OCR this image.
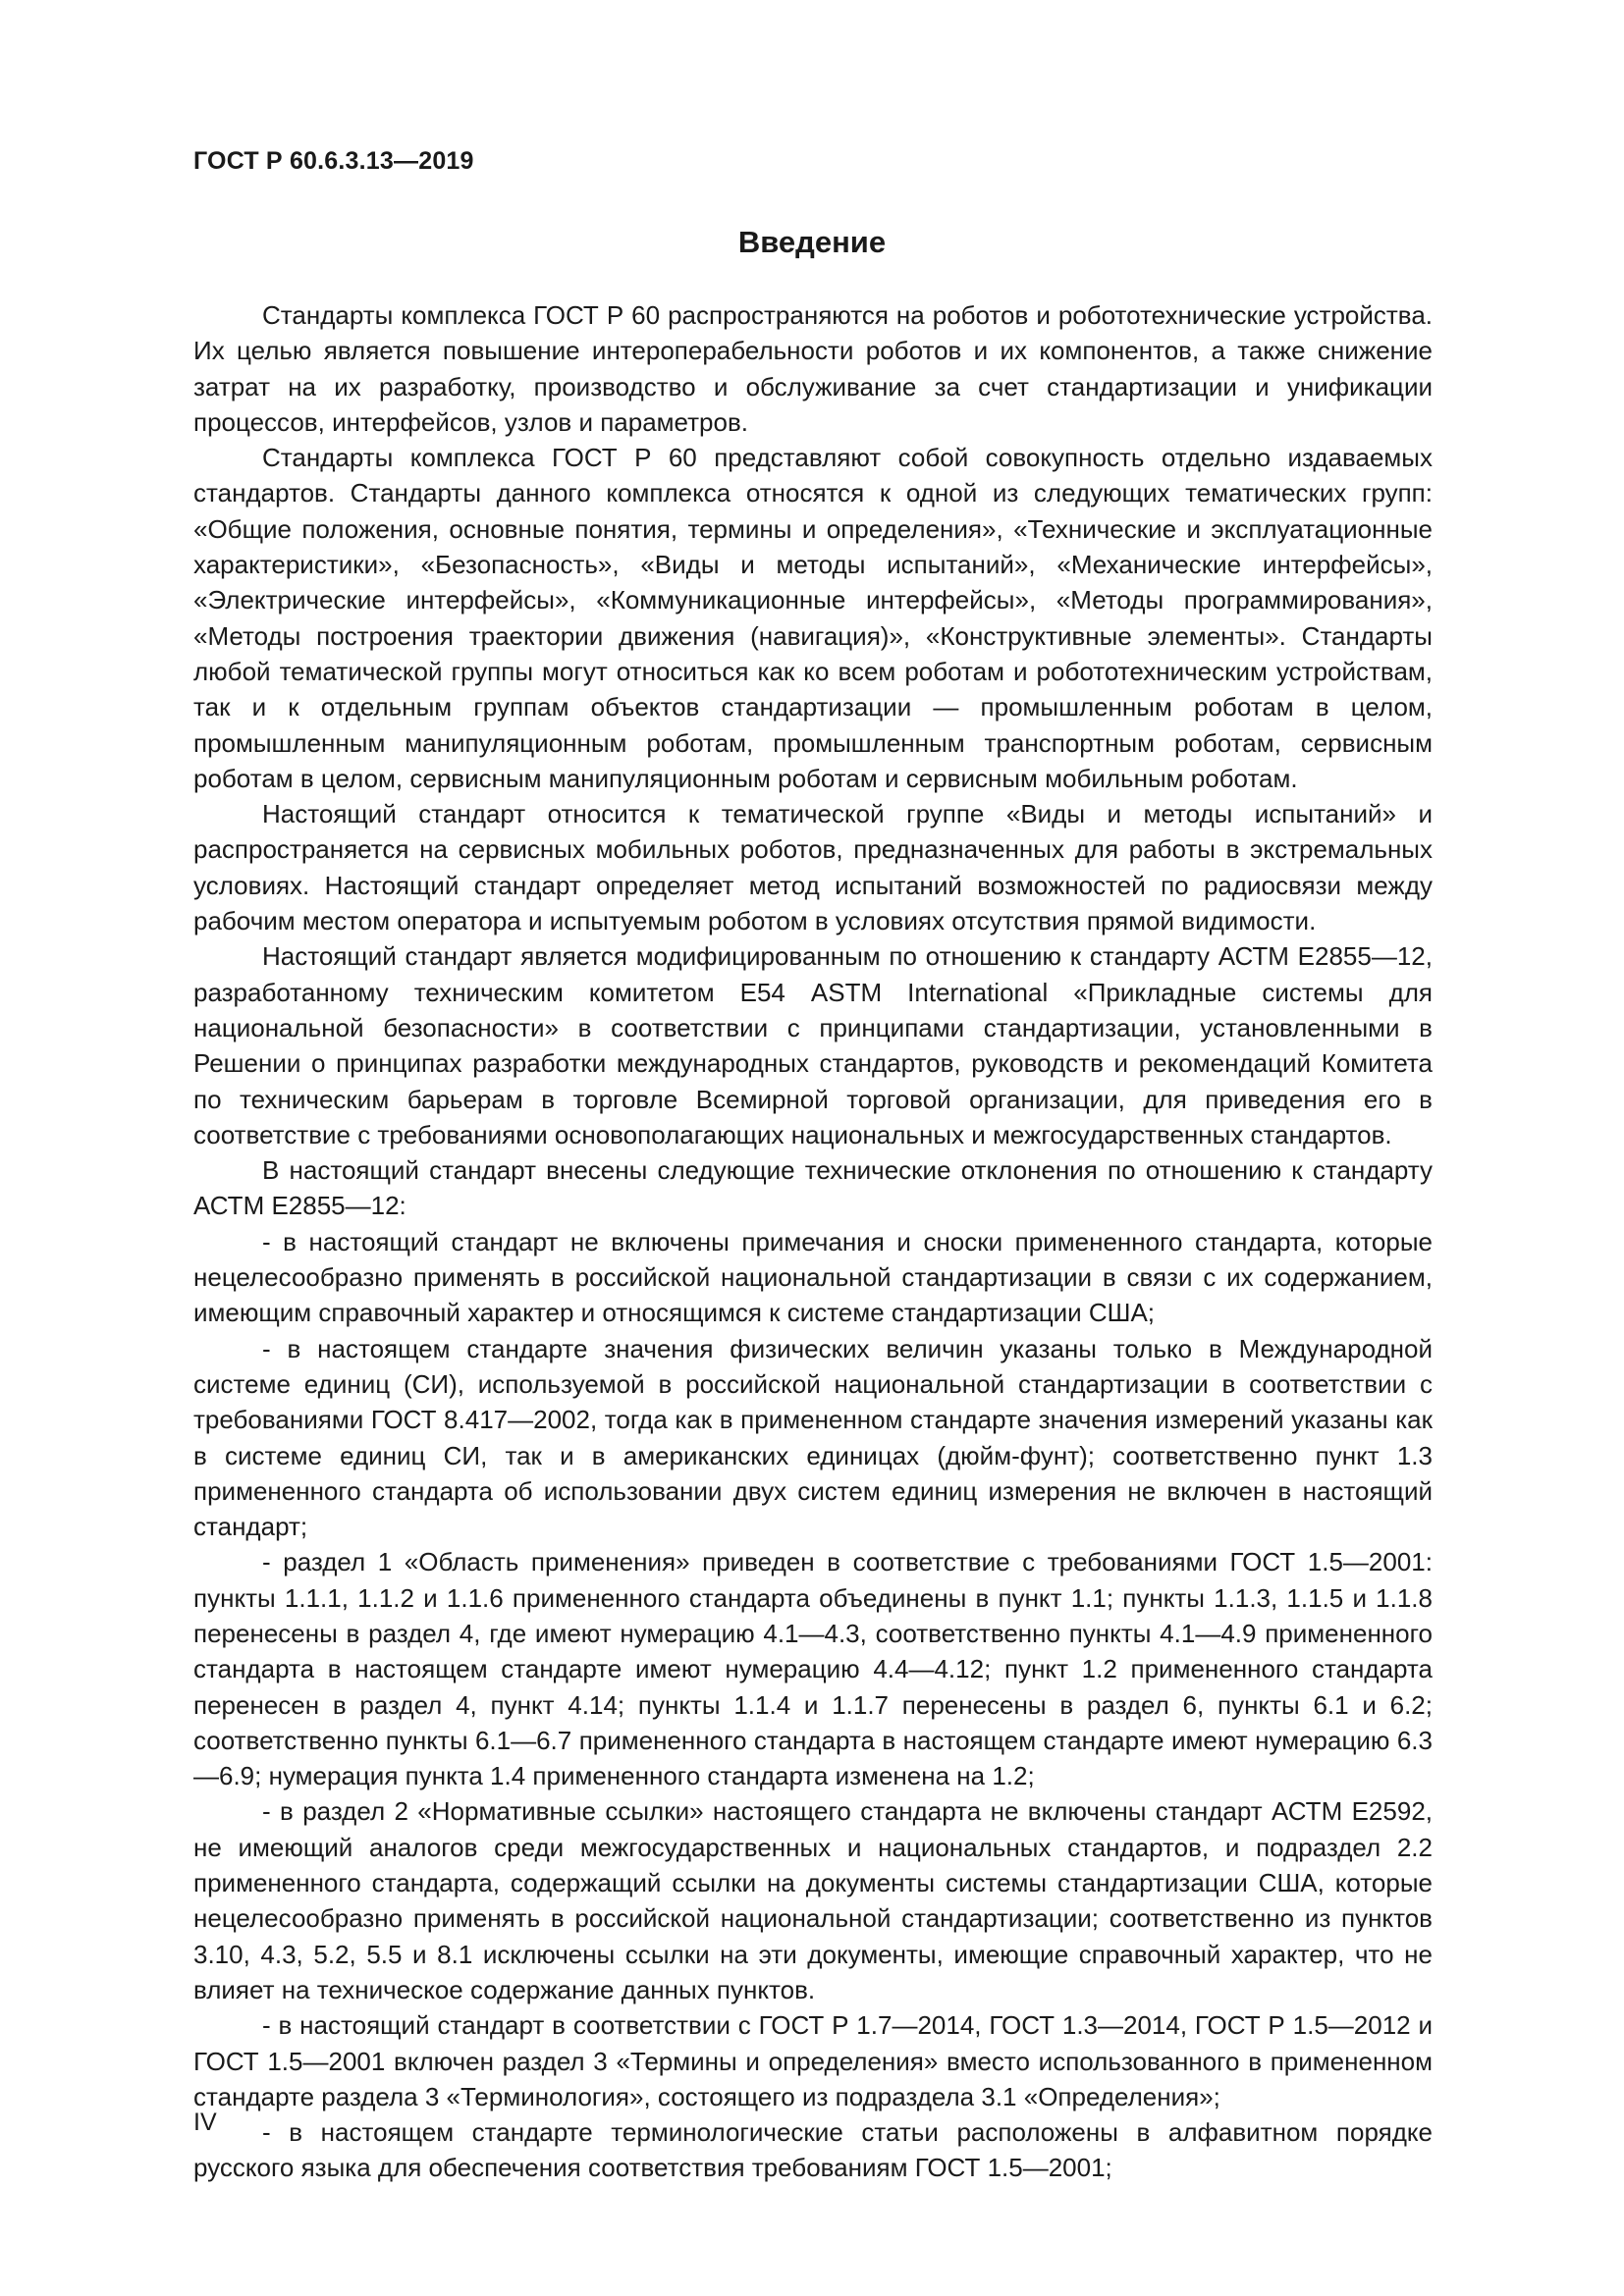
ГОСТ Р 60.6.3.13—2019

Введение

Стандарты комплекса ГОСТ Р 60 распространяются на роботов и робототехнические устройства. Их целью является повышение интероперабельности роботов и их компонентов, а также снижение затрат на их разработку, производство и обслуживание за счет стандартизации и унификации процессов, интерфейсов, узлов и параметров.

Стандарты комплекса ГОСТ Р 60 представляют собой совокупность отдельно издаваемых стандартов. Стандарты данного комплекса относятся к одной из следующих тематических групп: «Общие положения, основные понятия, термины и определения», «Технические и эксплуатационные характеристики», «Безопасность», «Виды и методы испытаний», «Механические интерфейсы», «Электрические интерфейсы», «Коммуникационные интерфейсы», «Методы программирования», «Методы построения траектории движения (навигация)», «Конструктивные элементы». Стандарты любой тематической группы могут относиться как ко всем роботам и робототехническим устройствам, так и к отдельным группам объектов стандартизации — промышленным роботам в целом, промышленным манипуляционным роботам, промышленным транспортным роботам, сервисным роботам в целом, сервисным манипуляционным роботам и сервисным мобильным роботам.

Настоящий стандарт относится к тематической группе «Виды и методы испытаний» и распространяется на сервисных мобильных роботов, предназначенных для работы в экстремальных условиях. Настоящий стандарт определяет метод испытаний возможностей по радиосвязи между рабочим местом оператора и испытуемым роботом в условиях отсутствия прямой видимости.

Настоящий стандарт является модифицированным по отношению к стандарту АСТМ Е2855—12, разработанному техническим комитетом Е54 ASTM International «Прикладные системы для национальной безопасности» в соответствии с принципами стандартизации, установленными в Решении о принципах разработки международных стандартов, руководств и рекомендаций Комитета по техническим барьерам в торговле Всемирной торговой организации, для приведения его в соответствие с требованиями основополагающих национальных и межгосударственных стандартов.

В настоящий стандарт внесены следующие технические отклонения по отношению к стандарту АСТМ Е2855—12:

- в настоящий стандарт не включены примечания и сноски примененного стандарта, которые нецелесообразно применять в российской национальной стандартизации в связи с их содержанием, имеющим справочный характер и относящимся к системе стандартизации США;

- в настоящем стандарте значения физических величин указаны только в Международной системе единиц (СИ), используемой в российской национальной стандартизации в соответствии с требованиями ГОСТ 8.417—2002, тогда как в примененном стандарте значения измерений указаны как в системе единиц СИ, так и в американских единицах (дюйм-фунт); соответственно пункт 1.3 примененного стандарта об использовании двух систем единиц измерения не включен в настоящий стандарт;

- раздел 1 «Область применения» приведен в соответствие с требованиями ГОСТ 1.5—2001: пункты 1.1.1, 1.1.2 и 1.1.6 примененного стандарта объединены в пункт 1.1; пункты 1.1.3, 1.1.5 и 1.1.8 перенесены в раздел 4, где имеют нумерацию 4.1—4.3, соответственно пункты 4.1—4.9 примененного стандарта в настоящем стандарте имеют нумерацию 4.4—4.12; пункт 1.2 примененного стандарта перенесен в раздел 4, пункт 4.14; пункты 1.1.4 и 1.1.7 перенесены в раздел 6, пункты 6.1 и 6.2; соответственно пункты 6.1—6.7 примененного стандарта в настоящем стандарте имеют нумерацию 6.3—6.9; нумерация пункта 1.4 примененного стандарта изменена на 1.2;

- в раздел 2 «Нормативные ссылки» настоящего стандарта не включены стандарт АСТМ Е2592, не имеющий аналогов среди межгосударственных и национальных стандартов, и подраздел 2.2 примененного стандарта, содержащий ссылки на документы системы стандартизации США, которые нецелесообразно применять в российской национальной стандартизации; соответственно из пунктов 3.10, 4.3, 5.2, 5.5 и 8.1 исключены ссылки на эти документы, имеющие справочный характер, что не влияет на техническое содержание данных пунктов.

- в настоящий стандарт в соответствии с ГОСТ Р 1.7—2014, ГОСТ 1.3—2014, ГОСТ Р 1.5—2012 и ГОСТ 1.5—2001 включен раздел 3 «Термины и определения» вместо использованного в примененном стандарте раздела 3 «Терминология», состоящего из подраздела 3.1 «Определения»;

- в настоящем стандарте терминологические статьи расположены в алфавитном порядке русского языка для обеспечения соответствия требованиям ГОСТ 1.5—2001;

IV
